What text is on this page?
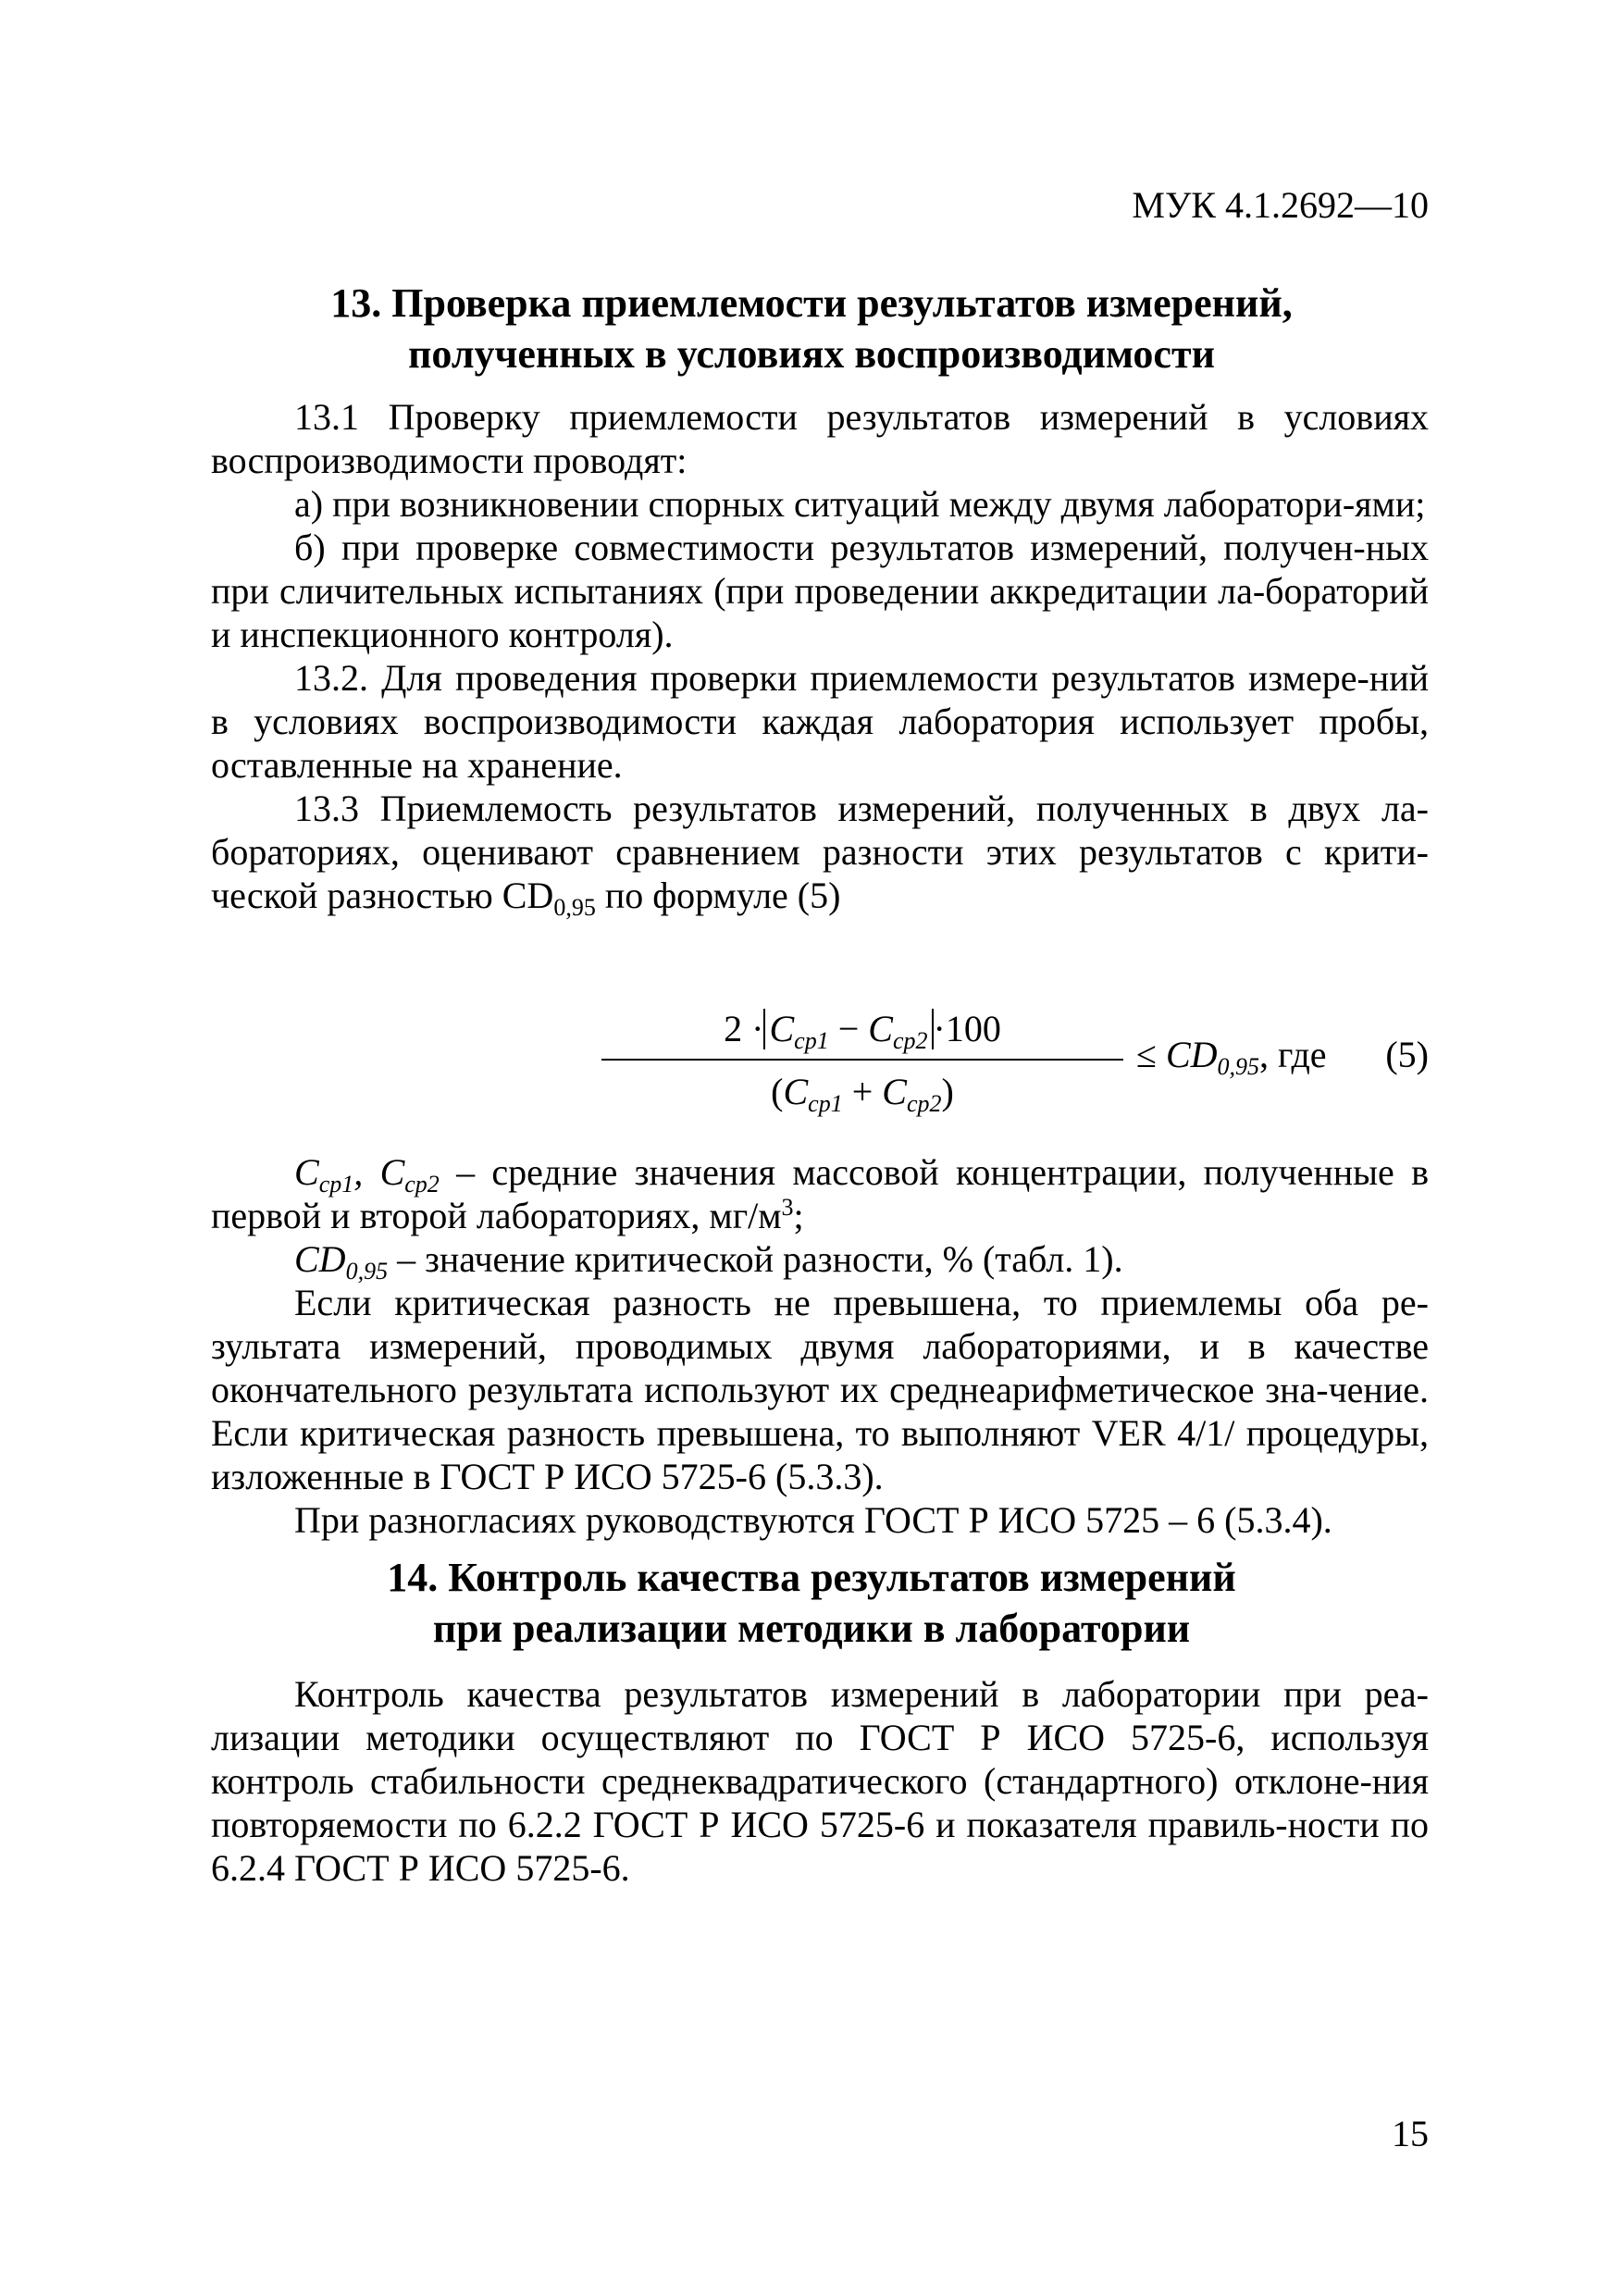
МУК 4.1.2692—10
13. Проверка приемлемости результатов измерений,
полученных в условиях воспроизводимости

13.1 Проверку приемлемости результатов измерений в условиях воспроизводимости проводят:

а) при возникновении спорных ситуаций между двумя лаборатори-ями;

б) при проверке совместимости результатов измерений, получен-ных при сличительных испытаниях (при проведении аккредитации ла-бораторий и инспекционного контроля).

13.2. Для проведения проверки приемлемости результатов измере-ний в условиях воспроизводимости каждая лаборатория использует пробы, оставленные на хранение.

13.3 Приемлемость результатов измерений, полученных в двух ла-бораториях, оценивают сравнением разности этих результатов с крити-ческой разностью $CD_{0,95}$ по формуле (5)

$2 \cdot C_{cp1} - C_{cp2} \cdot 100$
$(C_{cp1} + C_{cp2})$
≤ $CD_{0,95}$, где (5)

$C_{cp1}$, $C_{cp2}$ – средние значения массовой концентрации, полученные в первой и второй лабораториях, $мг/м^3$;

$CD_{0,95}$ – значение критической разности, % (табл. 1).

Если критическая разность не превышена, то приемлемы оба ре-зультата измерений, проводимых двумя лабораториями, и в качестве окончательного результата используют их среднеарифметическое зна-чение. Если критическая разность превышена, то выполняют VER 4/1/ процедуры, изложенные в ГОСТ Р ИСО 5725-6 (5.3.3).

При разногласиях руководствуются ГОСТ Р ИСО 5725 – 6 (5.3.4).

14. Контроль качества результатов измерений
при реализации методики в лаборатории

Контроль качества результатов измерений в лаборатории при реа-лизации методики осуществляют по ГОСТ Р ИСО 5725-6, используя контроль стабильности среднеквадратического (стандартного) отклоне-ния повторяемости по 6.2.2 ГОСТ Р ИСО 5725-6 и показателя правиль-ности по 6.2.4 ГОСТ Р ИСО 5725-6.

15
